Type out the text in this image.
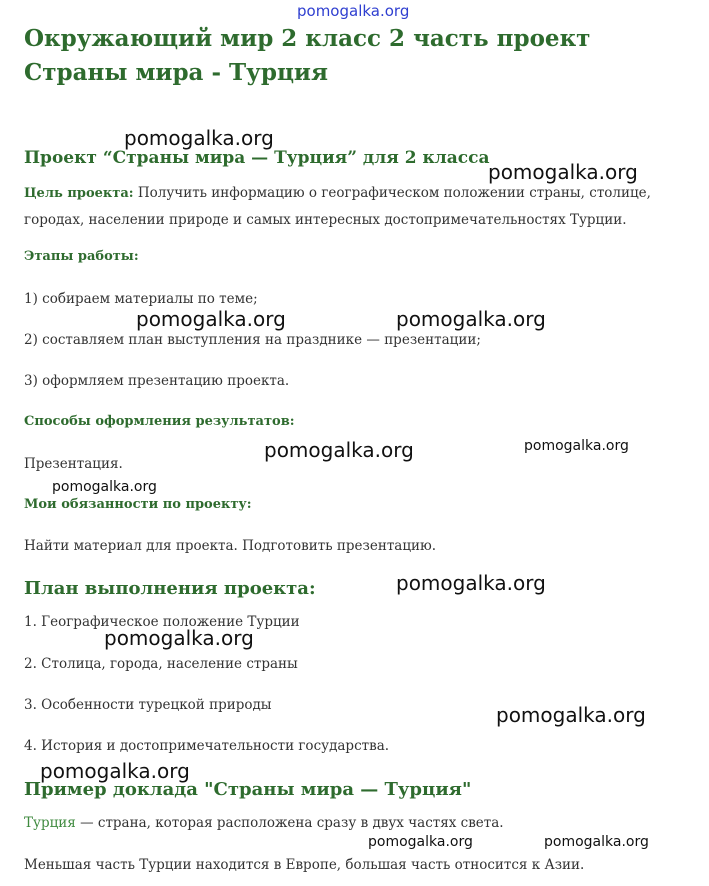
pomogalka.org
Окружающий мир 2 класс 2 часть проект Страны мира - Турция
Проект “Страны мира — Турция” для 2 класса

Цель проекта: Получить информацию о географическом положении страны, столице, городах, населении природе и самых интересных достопримечательностях Турции.

Этапы работы:

1) собираем материалы по теме;

2) составляем план выступления на празднике — презентации;

3) оформляем презентацию проекта.

Способы оформления результатов:

Презентация.

Мои обязанности по проекту:

Найти материал для проекта. Подготовить презентацию.

План выполнения проекта:

1. Географическое положение Турции

2. Столица, города, население страны

3. Особенности турецкой природы

4. История и достопримечательности государства.

Пример доклада "Страны мира — Турция"

Турция — страна, которая расположена сразу в двух частях света.

Меньшая часть Турции находится в Европе, большая часть относится к Азии.

pomogalka.org
pomogalka.org
pomogalka.org	pomogalka.org
pomogalka.org	pomogalka.org
pomogalka.org
pomogalka.org
pomogalka.org
pomogalka.org
pomogalka.org
pomogalka.org	pomogalka.org
